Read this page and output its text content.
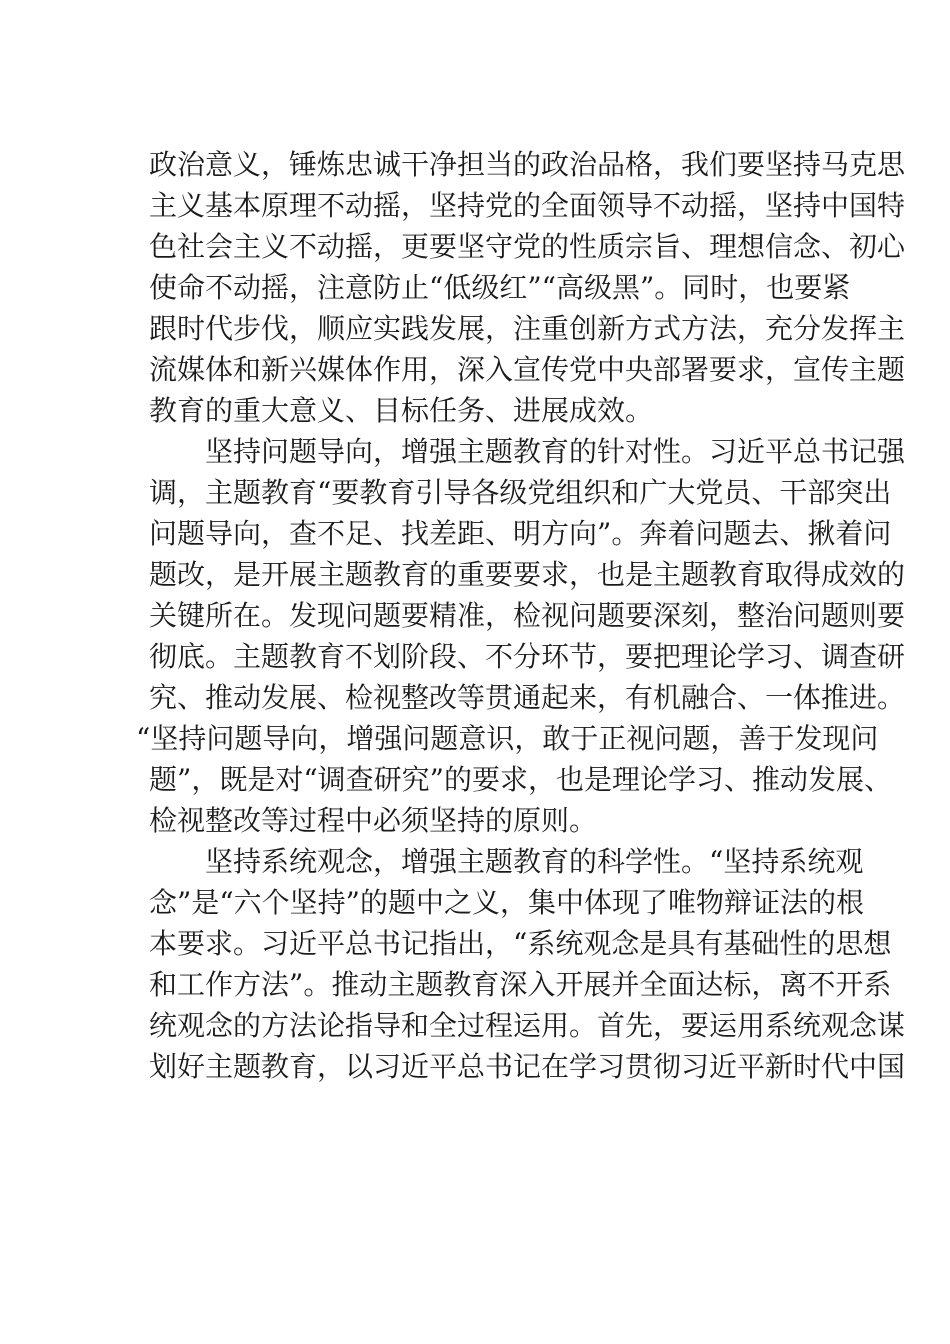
政治意义，锤炼忠诚干净担当的政治品格，我们要坚持马克思

主义基本原理不动摇，坚持党的全面领导不动摇，坚持中国特

色社会主义不动摇，更要坚守党的性质宗旨、理想信念、初心

使命不动摇，注意防止“低级红”“高级黑”。同时，也要紧

跟时代步伐，顺应实践发展，注重创新方式方法，充分发挥主

流媒体和新兴媒体作用，深入宣传党中央部署要求，宣传主题

教育的重大意义、目标任务、进展成效。

坚持问题导向，增强主题教育的针对性。习近平总书记强

调，主题教育“要教育引导各级党组织和广大党员、干部突出

问题导向，查不足、找差距、明方向”。奔着问题去、揪着问

题改，是开展主题教育的重要要求，也是主题教育取得成效的

关键所在。发现问题要精准，检视问题要深刻，整治问题则要

彻底。主题教育不划阶段、不分环节，要把理论学习、调查研

究、推动发展、检视整改等贯通起来，有机融合、一体推进。

“坚持问题导向，增强问题意识，敢于正视问题，善于发现问

题”，既是对“调查研究”的要求，也是理论学习、推动发展、

检视整改等过程中必须坚持的原则。

坚持系统观念，增强主题教育的科学性。“坚持系统观

念”是“六个坚持”的题中之义，集中体现了唯物辩证法的根

本要求。习近平总书记指出，“系统观念是具有基础性的思想

和工作方法”。推动主题教育深入开展并全面达标，离不开系

统观念的方法论指导和全过程运用。首先，要运用系统观念谋

划好主题教育，以习近平总书记在学习贯彻习近平新时代中国
